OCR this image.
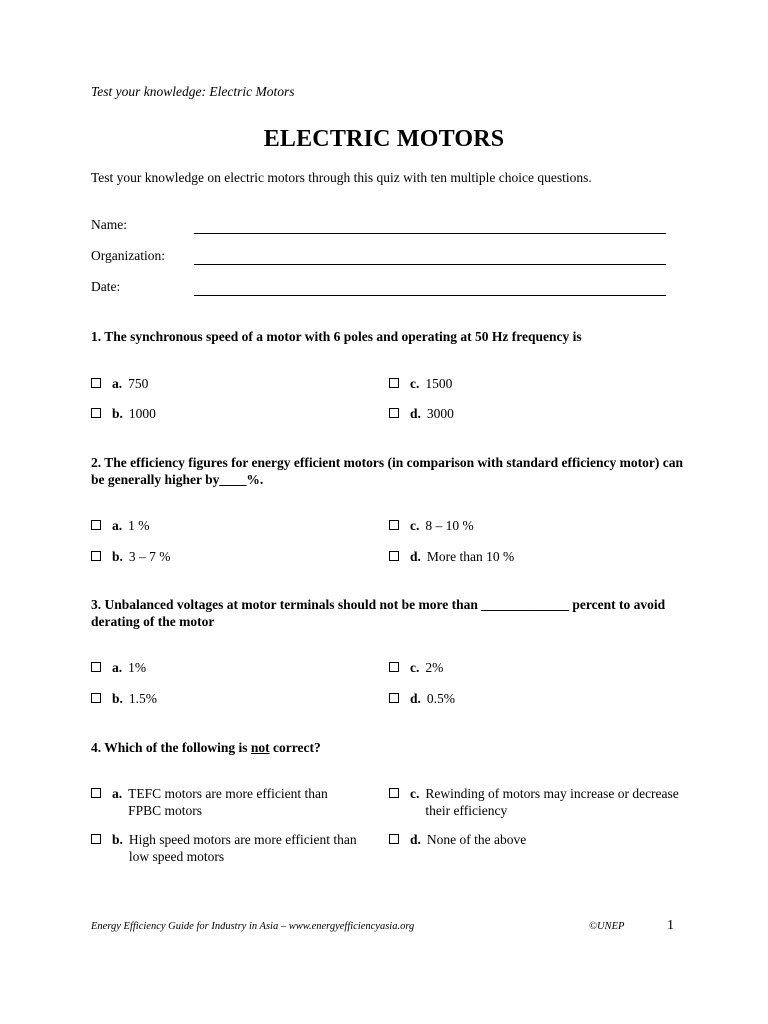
Test your knowledge: Electric Motors
ELECTRIC MOTORS
Test your knowledge on electric motors through this quiz with ten multiple choice questions.
Name:
Organization:
Date:
1. The synchronous speed of a motor with 6 poles and operating at 50 Hz frequency is
a. 750
b. 1000
c. 1500
d. 3000
2. The efficiency figures for energy efficient motors (in comparison with standard efficiency motor) can be generally higher by____%.
a. 1 %
b. 3 – 7 %
c. 8 – 10 %
d. More than 10 %
3. Unbalanced voltages at motor terminals should not be more than _____________ percent to avoid derating of the motor
a. 1%
b. 1.5%
c. 2%
d. 0.5%
4. Which of the following is not correct?
a. TEFC motors are more efficient than FPBC motors
b. High speed motors are more efficient than low speed motors
c. Rewinding of motors may increase or decrease their efficiency
d. None of the above
Energy Efficiency Guide for Industry in Asia – www.energyefficiencyasia.org	©UNEP	1
